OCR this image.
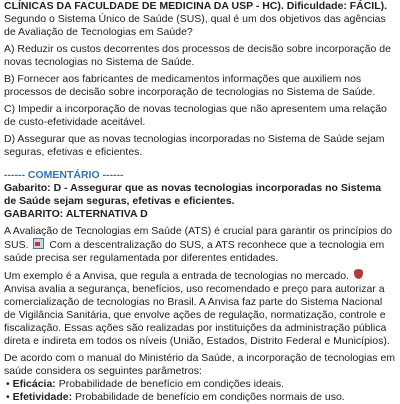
CLÍNICAS DA FACULDADE DE MEDICINA DA USP - HC). Dificuldade: FÁCIL). Segundo o Sistema Único de Saúde (SUS), qual é um dos objetivos das agências de Avaliação de Tecnologias em Saúde?

A) Reduzir os custos decorrentes dos processos de decisão sobre incorporação de novas tecnologias no Sistema de Saúde.

B) Fornecer aos fabricantes de medicamentos informações que auxiliem nos processos de decisão sobre incorporação de tecnologias no Sistema de Saúde.

C) Impedir a incorporação de novas tecnologias que não apresentem uma relação de custo-efetividade aceitável.

D) Assegurar que as novas tecnologias incorporadas no Sistema de Saúde sejam seguras, efetivas e eficientes.

------ COMENTÁRIO ------

Gabarito: D - Assegurar que as novas tecnologias incorporadas no Sistema de Saúde sejam seguras, efetivas e eficientes.

GABARITO: ALTERNATIVA D

A Avaliação de Tecnologias em Saúde (ATS) é crucial para garantir os princípios do SUS. Com a descentralização do SUS, a ATS reconhece que a tecnologia em saúde precisa ser regulamentada por diferentes entidades.

Um exemplo é a Anvisa, que regula a entrada de tecnologias no mercado. Anvisa avalia a segurança, benefícios, uso recomendado e preço para autorizar a comercialização de tecnologias no Brasil. A Anvisa faz parte do Sistema Nacional de Vigilância Sanitária, que envolve ações de regulação, normatização, controle e fiscalização. Essas ações são realizadas por instituições da administração pública direta e indireta em todos os níveis (União, Estados, Distrito Federal e Municípios).

De acordo com o manual do Ministério da Saúde, a incorporação de tecnologias em saúde considera os seguintes parâmetros:

• Eficácia: Probabilidade de benefício em condições ideais.

• Efetividade: Probabilidade de benefício em condições normais de uso.
